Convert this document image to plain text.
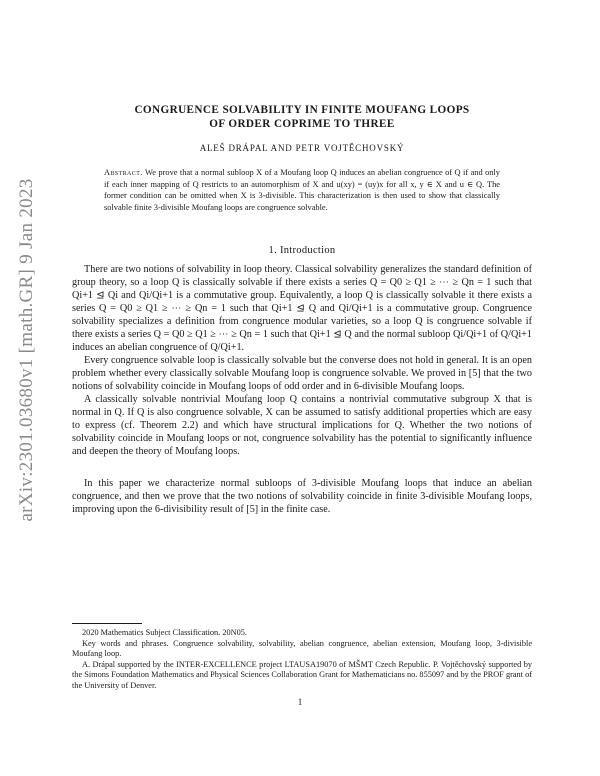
arXiv:2301.03680v1 [math.GR] 9 Jan 2023
CONGRUENCE SOLVABILITY IN FINITE MOUFANG LOOPS
OF ORDER COPRIME TO THREE
ALEŠ DRÁPAL AND PETR VOJTĚCHOVSKÝ

Abstract. We prove that a normal subloop X of a Moufang loop Q induces an abelian congruence of Q if and only if each inner mapping of Q restricts to an automorphism of X and u(xy) = (uy)x for all x, y ∈ X and u ∈ Q. The former condition can be omitted when X is 3-divisible. This characterization is then used to show that classically solvable finite 3-divisible Moufang loops are congruence solvable.

1. Introduction

There are two notions of solvability in loop theory. Classical solvability generalizes the standard definition of group theory, so a loop Q is classically solvable if there exists a series Q = Q0 ≥ Q1 ≥ ⋯ ≥ Qn = 1 such that Qi+1 ⊴ Qi and Qi/Qi+1 is a commutative group. Equivalently, a loop Q is classically solvable it there exists a series Q = Q0 ≥ Q1 ≥ ⋯ ≥ Qn = 1 such that Qi+1 ⊴ Q and Qi/Qi+1 is a commutative group. Congruence solvability specializes a definition from congruence modular varieties, so a loop Q is congruence solvable if there exists a series Q = Q0 ≥ Q1 ≥ ⋯ ≥ Qn = 1 such that Qi+1 ⊴ Q and the normal subloop Qi/Qi+1 of Q/Qi+1 induces an abelian congruence of Q/Qi+1.

Every congruence solvable loop is classically solvable but the converse does not hold in general. It is an open problem whether every classically solvable Moufang loop is congruence solvable. We proved in [5] that the two notions of solvability coincide in Moufang loops of odd order and in 6-divisible Moufang loops.

A classically solvable nontrivial Moufang loop Q contains a nontrivial commutative subgroup X that is normal in Q. If Q is also congruence solvable, X can be assumed to satisfy additional properties which are easy to express (cf. Theorem 2.2) and which have structural implications for Q. Whether the two notions of solvability coincide in Moufang loops or not, congruence solvability has the potential to significantly influence and deepen the theory of Moufang loops.

In this paper we characterize normal subloops of 3-divisible Moufang loops that induce an abelian congruence, and then we prove that the two notions of solvability coincide in finite 3-divisible Moufang loops, improving upon the 6-divisibility result of [5] in the finite case.

2020 Mathematics Subject Classification. 20N05.

Key words and phrases. Congruence solvability, solvability, abelian congruence, abelian extension, Moufang loop, 3-divisible Moufang loop.

A. Drápal supported by the INTER-EXCELLENCE project LTAUSA19070 of MŠMT Czech Republic. P. Vojtěchovský supported by the Simons Foundation Mathematics and Physical Sciences Collaboration Grant for Mathematicians no. 855097 and by the PROF grant of the University of Denver.

1
